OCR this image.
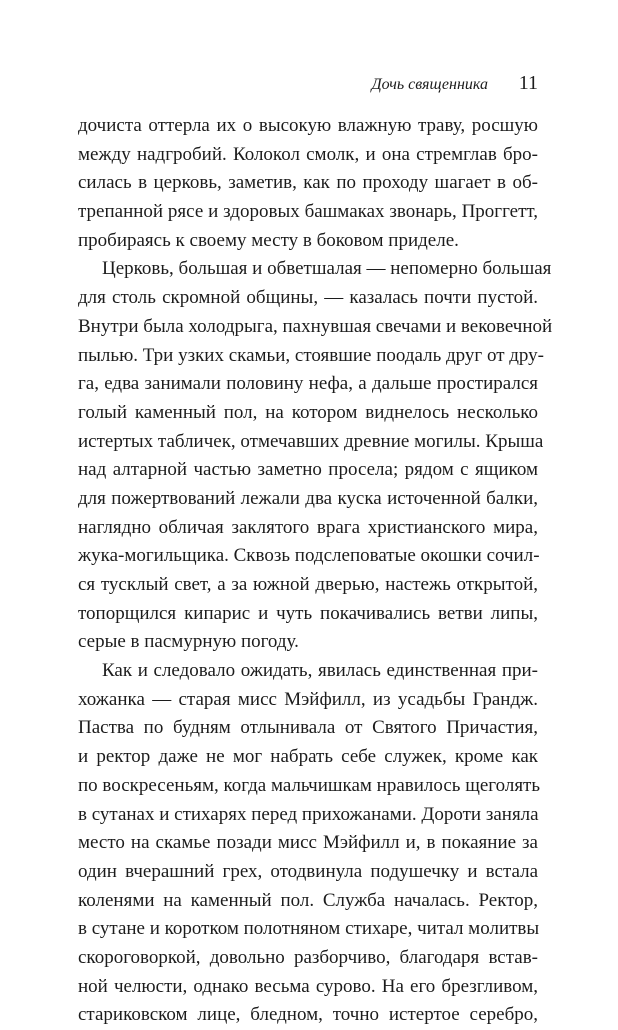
Дочь священника 11
дочиста оттерла их о высокую влажную траву, росшую
между надгробий. Колокол смолк, и она стремглав бро-
силась в церковь, заметив, как по проходу шагает в об-
трепанной рясе и здоровых башмаках звонарь, Проггетт,
пробираясь к своему месту в боковом приделе.
Церковь, большая и обветшалая — непомерно большая
для столь скромной общины, — казалась почти пустой.
Внутри была холодрыга, пахнувшая свечами и вековечной
пылью. Три узких скамьи, стоявшие поодаль друг от дру-
га, едва занимали половину нефа, а дальше простирался
голый каменный пол, на котором виднелось несколько
истертых табличек, отмечавших древние могилы. Крыша
над алтарной частью заметно просела; рядом с ящиком
для пожертвований лежали два куска источенной балки,
наглядно обличая заклятого врага христианского мира,
жука-могильщика. Сквозь подслеповатые окошки сочил-
ся тусклый свет, а за южной дверью, настежь открытой,
топорщился кипарис и чуть покачивались ветви липы,
серые в пасмурную погоду.
Как и следовало ожидать, явилась единственная при-
хожанка — старая мисс Мэйфилл, из усадьбы Грандж.
Паства по будням отлынивала от Святого Причастия,
и ректор даже не мог набрать себе служек, кроме как
по воскресеньям, когда мальчишкам нравилось щеголять
в сутанах и стихарях перед прихожанами. Дороти заняла
место на скамье позади мисс Мэйфилл и, в покаяние за
один вчерашний грех, отодвинула подушечку и встала
коленями на каменный пол. Служба началась. Ректор,
в сутане и коротком полотняном стихаре, читал молитвы
скороговоркой, довольно разборчиво, благодаря встав-
ной челюсти, однако весьма сурово. На его брезгливом,
стариковском лице, бледном, точно истертое серебро,
